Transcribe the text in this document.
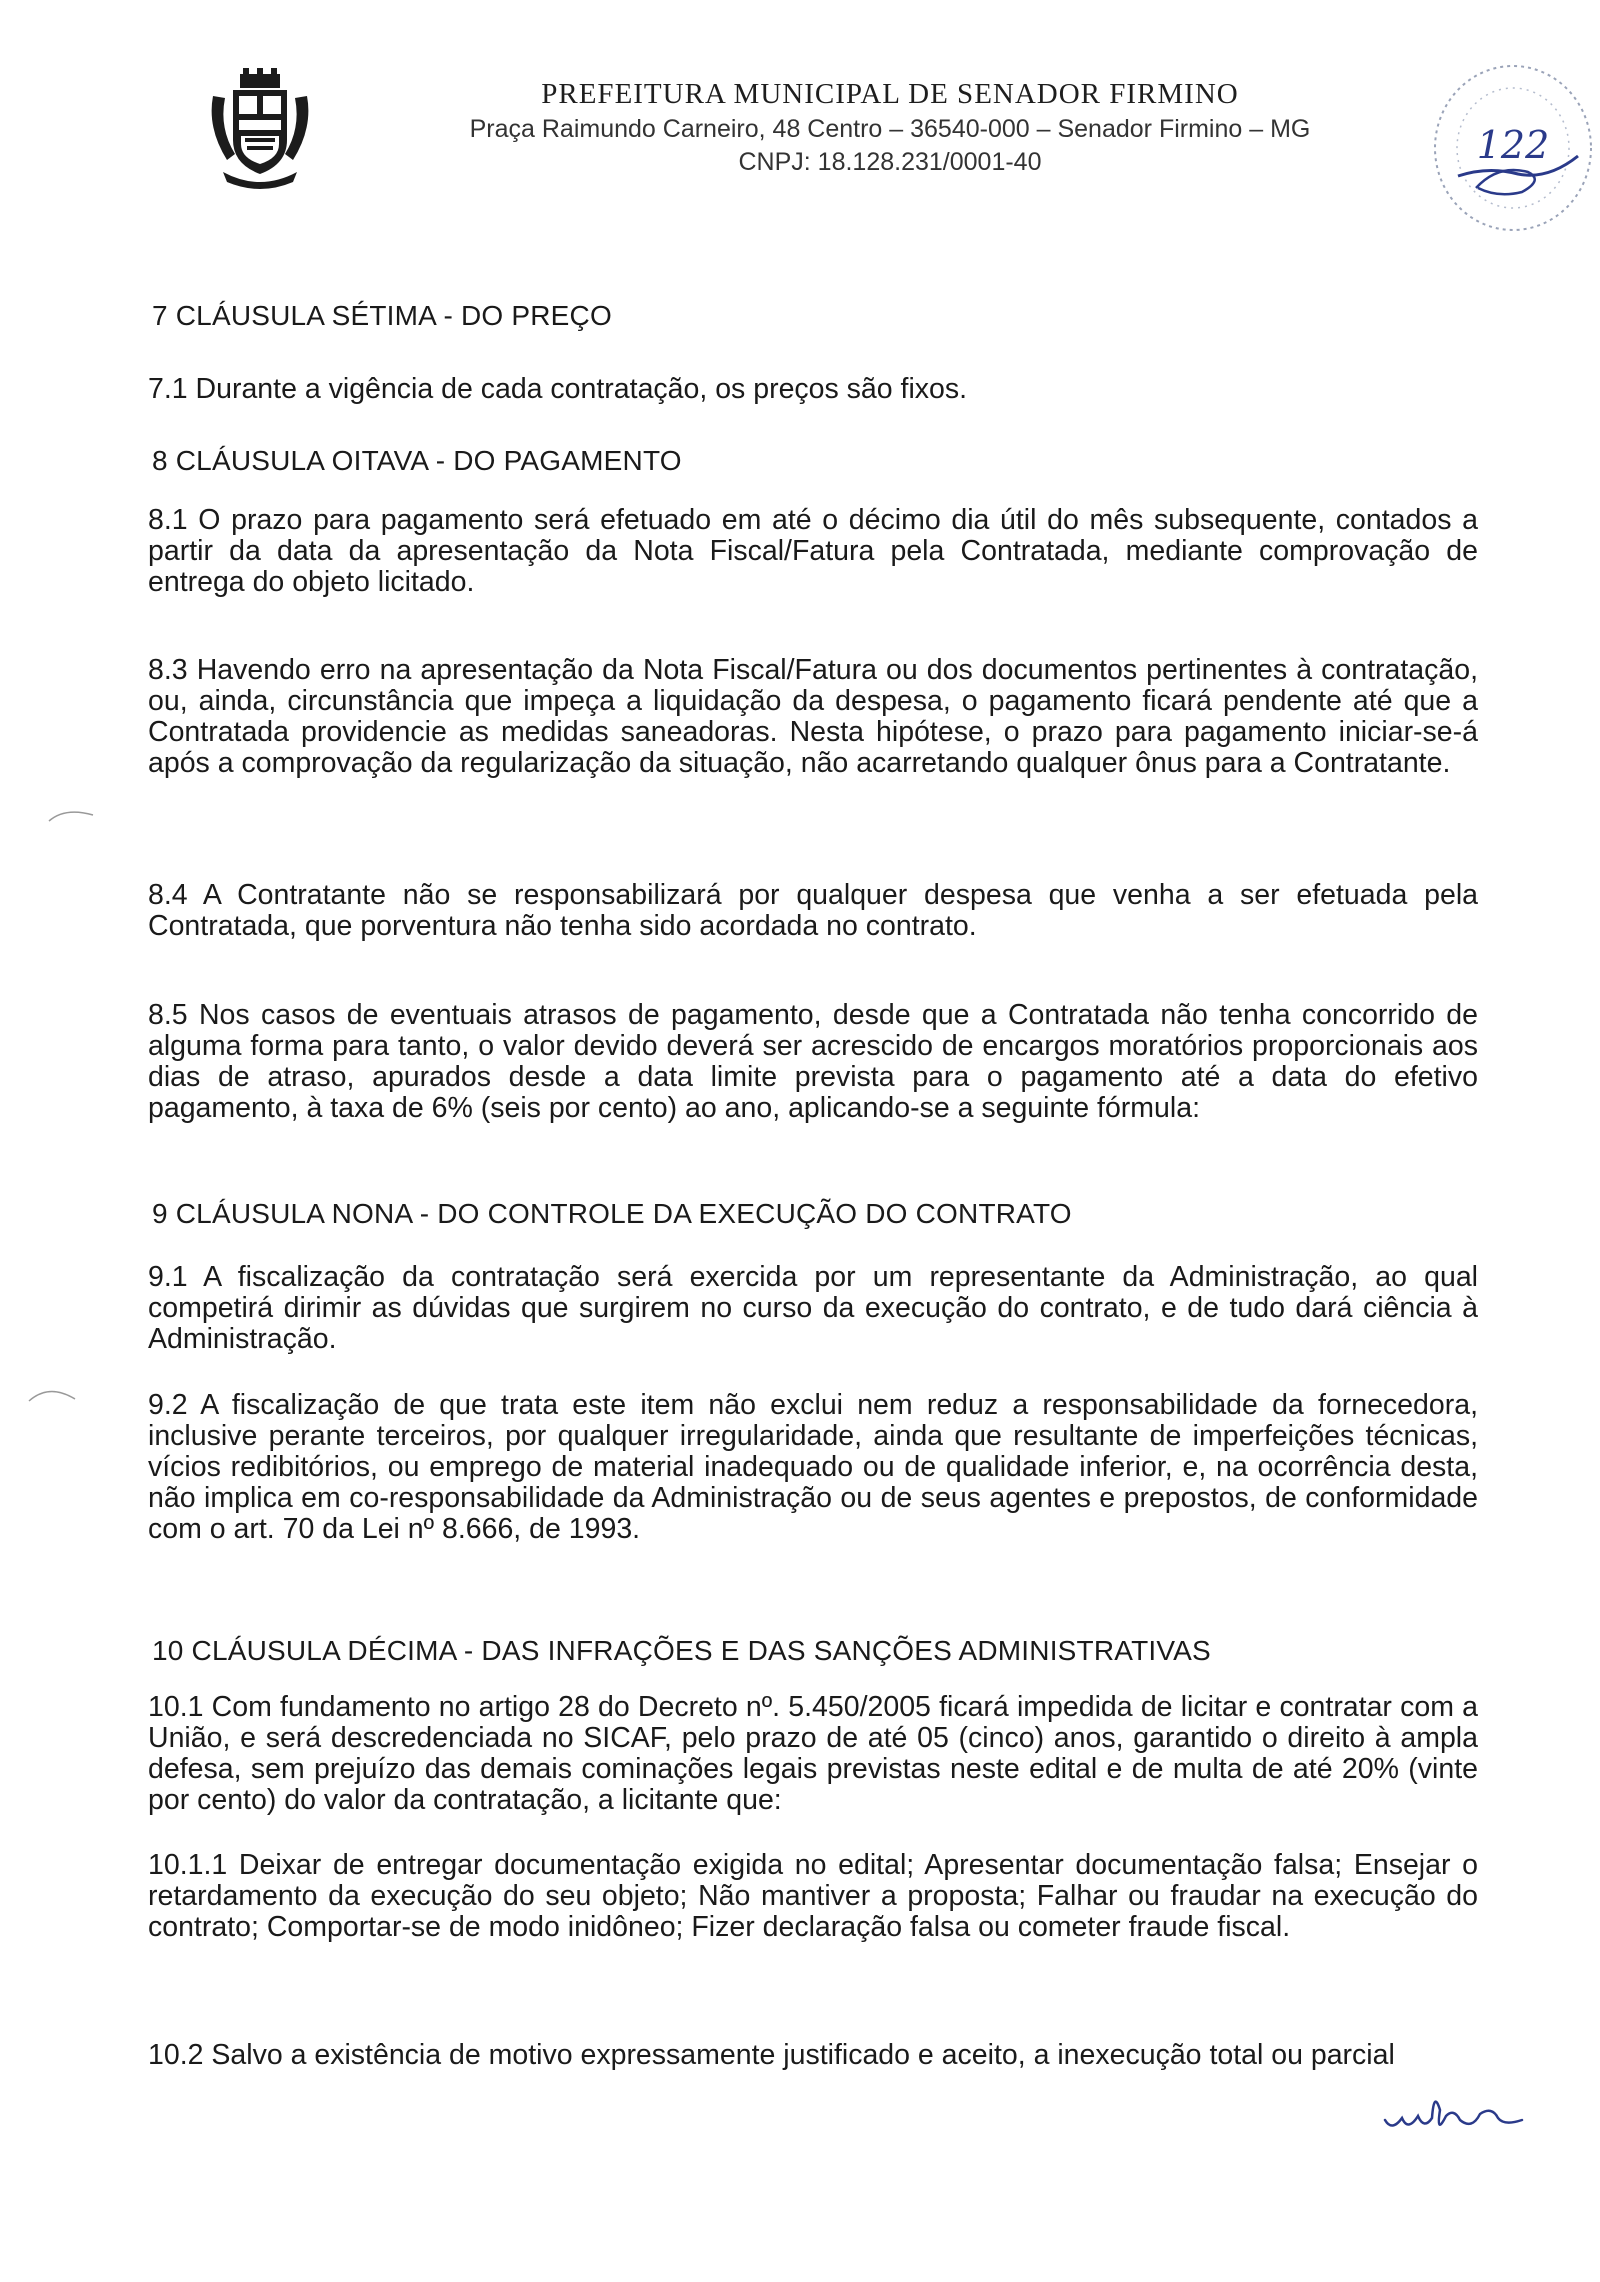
PREFEITURA MUNICIPAL DE SENADOR FIRMINO
Praça Raimundo Carneiro, 48 Centro – 36540-000 – Senador Firmino – MG
CNPJ: 18.128.231/0001-40	122
7 CLÁUSULA SÉTIMA - DO PREÇO
7.1 Durante a vigência de cada contratação, os preços são fixos.
8 CLÁUSULA OITAVA - DO PAGAMENTO
8.1 O prazo para pagamento será efetuado em até o décimo dia útil do mês subsequente, contados a partir da data da apresentação da Nota Fiscal/Fatura pela Contratada, mediante comprovação de entrega do objeto licitado.
8.3 Havendo erro na apresentação da Nota Fiscal/Fatura ou dos documentos pertinentes à contratação, ou, ainda, circunstância que impeça a liquidação da despesa, o pagamento ficará pendente até que a Contratada providencie as medidas saneadoras. Nesta hipótese, o prazo para pagamento iniciar-se-á após a comprovação da regularização da situação, não acarretando qualquer ônus para a Contratante.
8.4 A Contratante não se responsabilizará por qualquer despesa que venha a ser efetuada pela Contratada, que porventura não tenha sido acordada no contrato.
8.5 Nos casos de eventuais atrasos de pagamento, desde que a Contratada não tenha concorrido de alguma forma para tanto, o valor devido deverá ser acrescido de encargos moratórios proporcionais aos dias de atraso, apurados desde a data limite prevista para o pagamento até a data do efetivo pagamento, à taxa de 6% (seis por cento) ao ano, aplicando-se a seguinte fórmula:
9 CLÁUSULA NONA - DO CONTROLE DA EXECUÇÃO DO CONTRATO
9.1 A fiscalização da contratação será exercida por um representante da Administração, ao qual competirá dirimir as dúvidas que surgirem no curso da execução do contrato, e de tudo dará ciência à Administração.
9.2 A fiscalização de que trata este item não exclui nem reduz a responsabilidade da fornecedora, inclusive perante terceiros, por qualquer irregularidade, ainda que resultante de imperfeições técnicas, vícios redibitórios, ou emprego de material inadequado ou de qualidade inferior, e, na ocorrência desta, não implica em co-responsabilidade da Administração ou de seus agentes e prepostos, de conformidade com o art. 70 da Lei nº 8.666, de 1993.
10 CLÁUSULA DÉCIMA - DAS INFRAÇÕES E DAS SANÇÕES ADMINISTRATIVAS
10.1 Com fundamento no artigo 28 do Decreto nº. 5.450/2005 ficará impedida de licitar e contratar com a União, e será descredenciada no SICAF, pelo prazo de até 05 (cinco) anos, garantido o direito à ampla defesa, sem prejuízo das demais cominações legais previstas neste edital e de multa de até 20% (vinte por cento) do valor da contratação, a licitante que:
10.1.1 Deixar de entregar documentação exigida no edital; Apresentar documentação falsa; Ensejar o retardamento da execução do seu objeto; Não mantiver a proposta; Falhar ou fraudar na execução do contrato; Comportar-se de modo inidôneo; Fizer declaração falsa ou cometer fraude fiscal.
10.2 Salvo a existência de motivo expressamente justificado e aceito, a inexecução total ou parcial
